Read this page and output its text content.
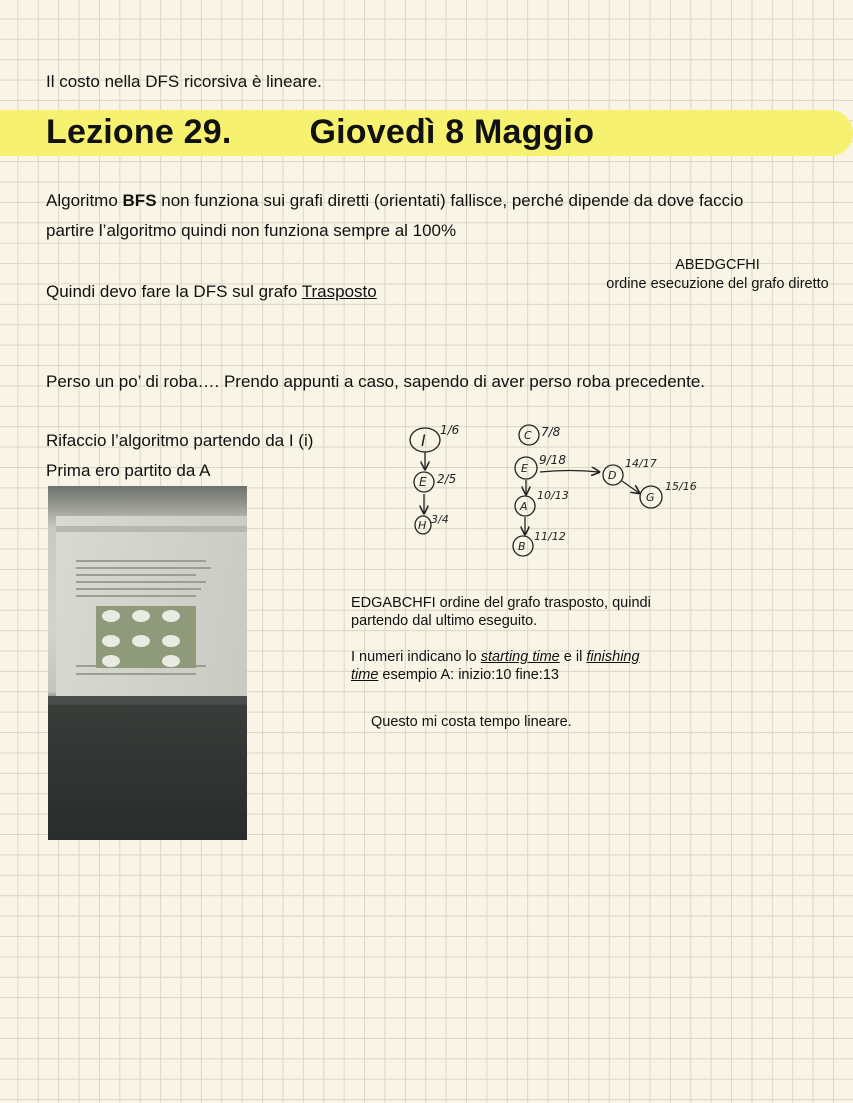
Il costo nella DFS ricorsiva è lineare.
Lezione 29. Giovedì 8 Maggio
Algoritmo BFS non funziona sui grafi diretti (orientati) fallisce, perché dipende da dove faccio
partire l’algoritmo quindi non funziona sempre al 100%
ABEDGCFHI
ordine esecuzione del grafo diretto
Quindi devo fare la DFS sul grafo Trasposto
Perso un po’ di roba…. Prendo appunti a caso, sapendo di aver perso roba precedente.
Rifaccio l’algoritmo partendo da I (i)
Prima ero partito da A
I
E
H
1/6
2/5
3/4
C
E
A
B
D
G
7/8
9/18
10/13
11/12
14/17
15/16
EDGABCHFI ordine del grafo trasposto, quindi
partendo dal ultimo eseguito.
I numeri indicano lo starting time e il finishing
time esempio A: inizio:10 fine:13
Questo mi costa tempo lineare.
